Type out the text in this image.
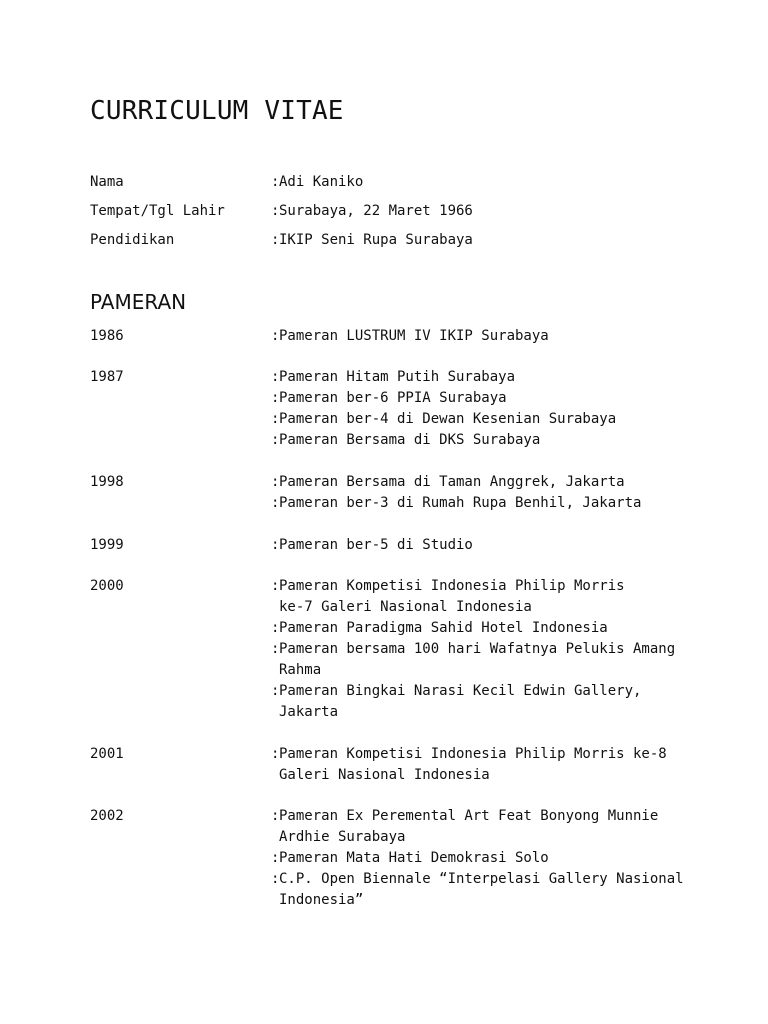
CURRICULUM VITAE
Nama	:Adi Kaniko
Tempat/Tgl Lahir	:Surabaya, 22 Maret 1966
Pendidikan	:IKIP Seni Rupa Surabaya
PAMERAN
1986	:Pameran LUSTRUM IV IKIP Surabaya
1987	:Pameran Hitam Putih Surabaya
:Pameran ber-6 PPIA Surabaya
:Pameran ber-4 di Dewan Kesenian Surabaya
:Pameran Bersama di DKS Surabaya
1998	:Pameran Bersama di Taman Anggrek, Jakarta
:Pameran ber-3 di Rumah Rupa Benhil, Jakarta
1999	:Pameran ber-5 di Studio
2000	:Pameran Kompetisi Indonesia Philip Morris
ke-7 Galeri Nasional Indonesia
:Pameran Paradigma Sahid Hotel Indonesia
:Pameran bersama 100 hari Wafatnya Pelukis Amang
Rahma
:Pameran Bingkai Narasi Kecil Edwin Gallery,
Jakarta
2001	:Pameran Kompetisi Indonesia Philip Morris ke-8
Galeri Nasional Indonesia
2002	:Pameran Ex Peremental Art Feat Bonyong Munnie
Ardhie Surabaya
:Pameran Mata Hati Demokrasi Solo
:C.P. Open Biennale “Interpelasi Gallery Nasional
Indonesia”
